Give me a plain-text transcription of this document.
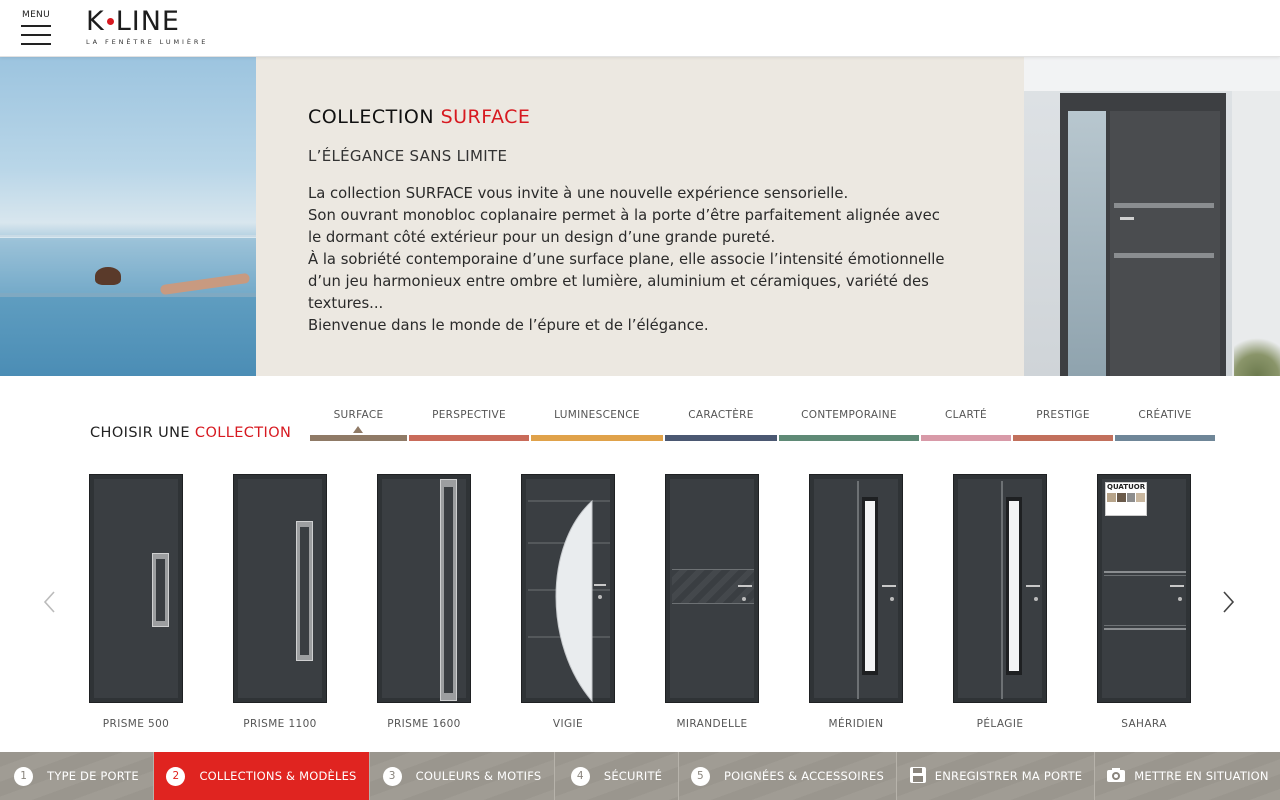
MENU K LINE
LA FENÊTRE LUMIÈRE
COLLECTION SURFACE
L’ÉLÉGANCE SANS LIMITE
La collection SURFACE vous invite à une nouvelle expérience sensorielle.
Son ouvrant monobloc coplanaire permet à la porte d’être parfaitement alignée avec
le dormant côté extérieur pour un design d’une grande pureté.
À la sobriété contemporaine d’une surface plane, elle associe l’intensité émotionnelle
d’un jeu harmonieux entre ombre et lumière, aluminium et céramiques, variété des
textures...
Bienvenue dans le monde de l’épure et de l’élégance.
CHOISIR UNE COLLECTION
SURFACE	PERSPECTIVE	LUMINESCENCE	CARACTÈRE	CONTEMPORAINE	CLARTÉ	PRESTIGE	CRÉATIVE
PRISME 500	PRISME 1100	PRISME 1600	VIGIE	MIRANDELLE	MÉRIDIEN	PÉLAGIE
QUATUOR
SAHARA
1	TYPE DE PORTE	2	COLLECTIONS & MODÈLES	3	COULEURS & MOTIFS	4	SÉCURITÉ	5	POIGNÉES & ACCESSOIRES	ENREGISTRER MA PORTE	METTRE EN SITUATION
